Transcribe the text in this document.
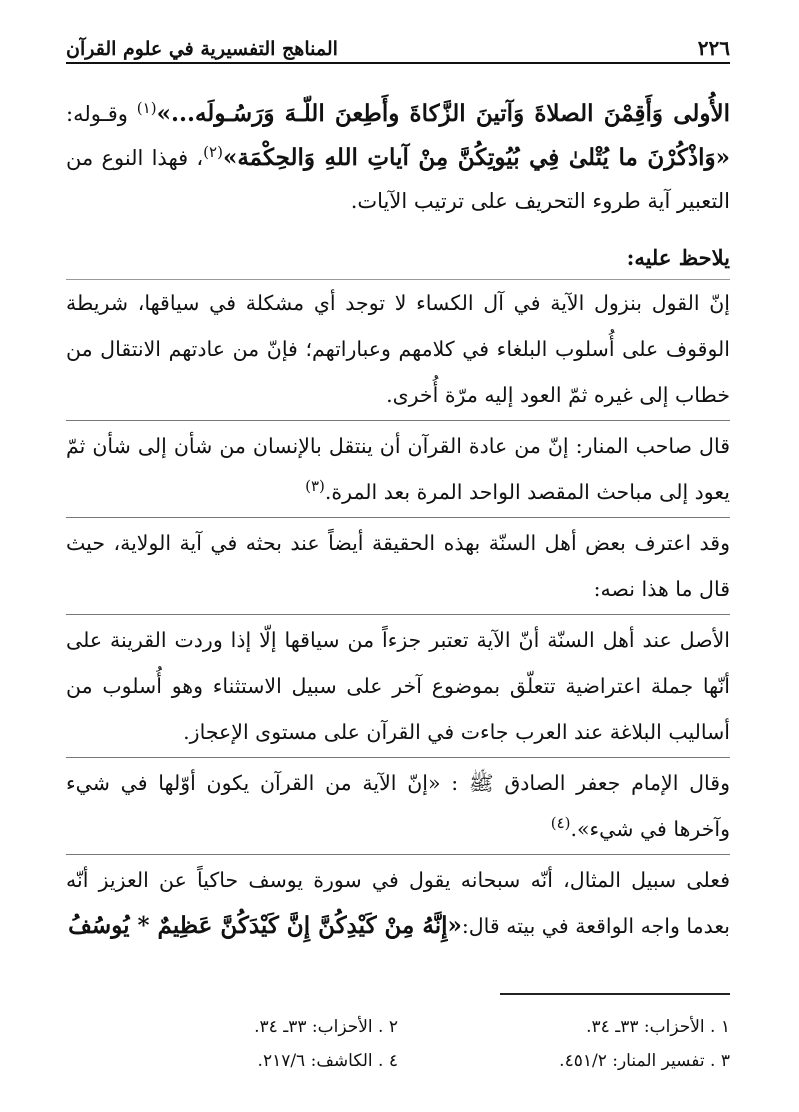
٢٢٦
المناهج التفسيرية في علوم القرآن
الأُولى وَأَقِمْنَ الصلاةَ وَآتينَ الزَّكاةَ وأَطِعنَ اللّـهَ وَرَسُـولَه...»$^{(١)}$ وقـوله: «وَاذْكُرْنَ ما يُتْلىٰ فِي بُيُوتِكُنَّ مِنْ آياتِ اللهِ وَالحِكْمَة»$^{(٢)}$، فهذا النوع من التعبير آية طروء التحريف على ترتيب الآيات.
يلاحظ عليه:

إنّ القول بنزول الآية في آل الكساء لا توجد أي مشكلة في سياقها، شريطة الوقوف على أُسلوب البلغاء في كلامهم وعباراتهم؛ فإنّ من عادتهم الانتقال من خطاب إلى غيره ثمّ العود إليه مرّة أُخرى.

قال صاحب المنار: إنّ من عادة القرآن أن ينتقل بالإنسان من شأن إلى شأن ثمّ يعود إلى مباحث المقصد الواحد المرة بعد المرة.$^{(٣)}$

وقد اعترف بعض أهل السنّة بهذه الحقيقة أيضاً عند بحثه في آية الولاية، حيث قال ما هذا نصه:

الأصل عند أهل السنّة أنّ الآية تعتبر جزءاً من سياقها إلّا إذا وردت القرينة على أنّها جملة اعتراضية تتعلّق بموضوع آخر على سبيل الاستثناء وهو أُسلوب من أساليب البلاغة عند العرب جاءت في القرآن على مستوى الإعجاز.

وقال الإمام جعفر الصادق ﷺ : «إنّ الآية من القرآن يكون أوّلها في شيء وآخرها في شيء».$^{(٤)}$

فعلى سبيل المثال، أنّه سبحانه يقول في سورة يوسف حاكياً عن العزيز أنّه بعدما واجه الواقعة في بيته قال:«إِنَّهُ مِنْ كَيْدِكُنَّ إِنَّ كَيْدَكُنَّ عَظِيمٌ * يُوسُفُ

١ . الأحزاب: ٣٣ـ ٣٤.
٢ . الأحزاب: ٣٣ـ ٣٤.
٣ . تفسير المنار: ٤٥١/٢.
٤ . الكاشف: ٢١٧/٦.
